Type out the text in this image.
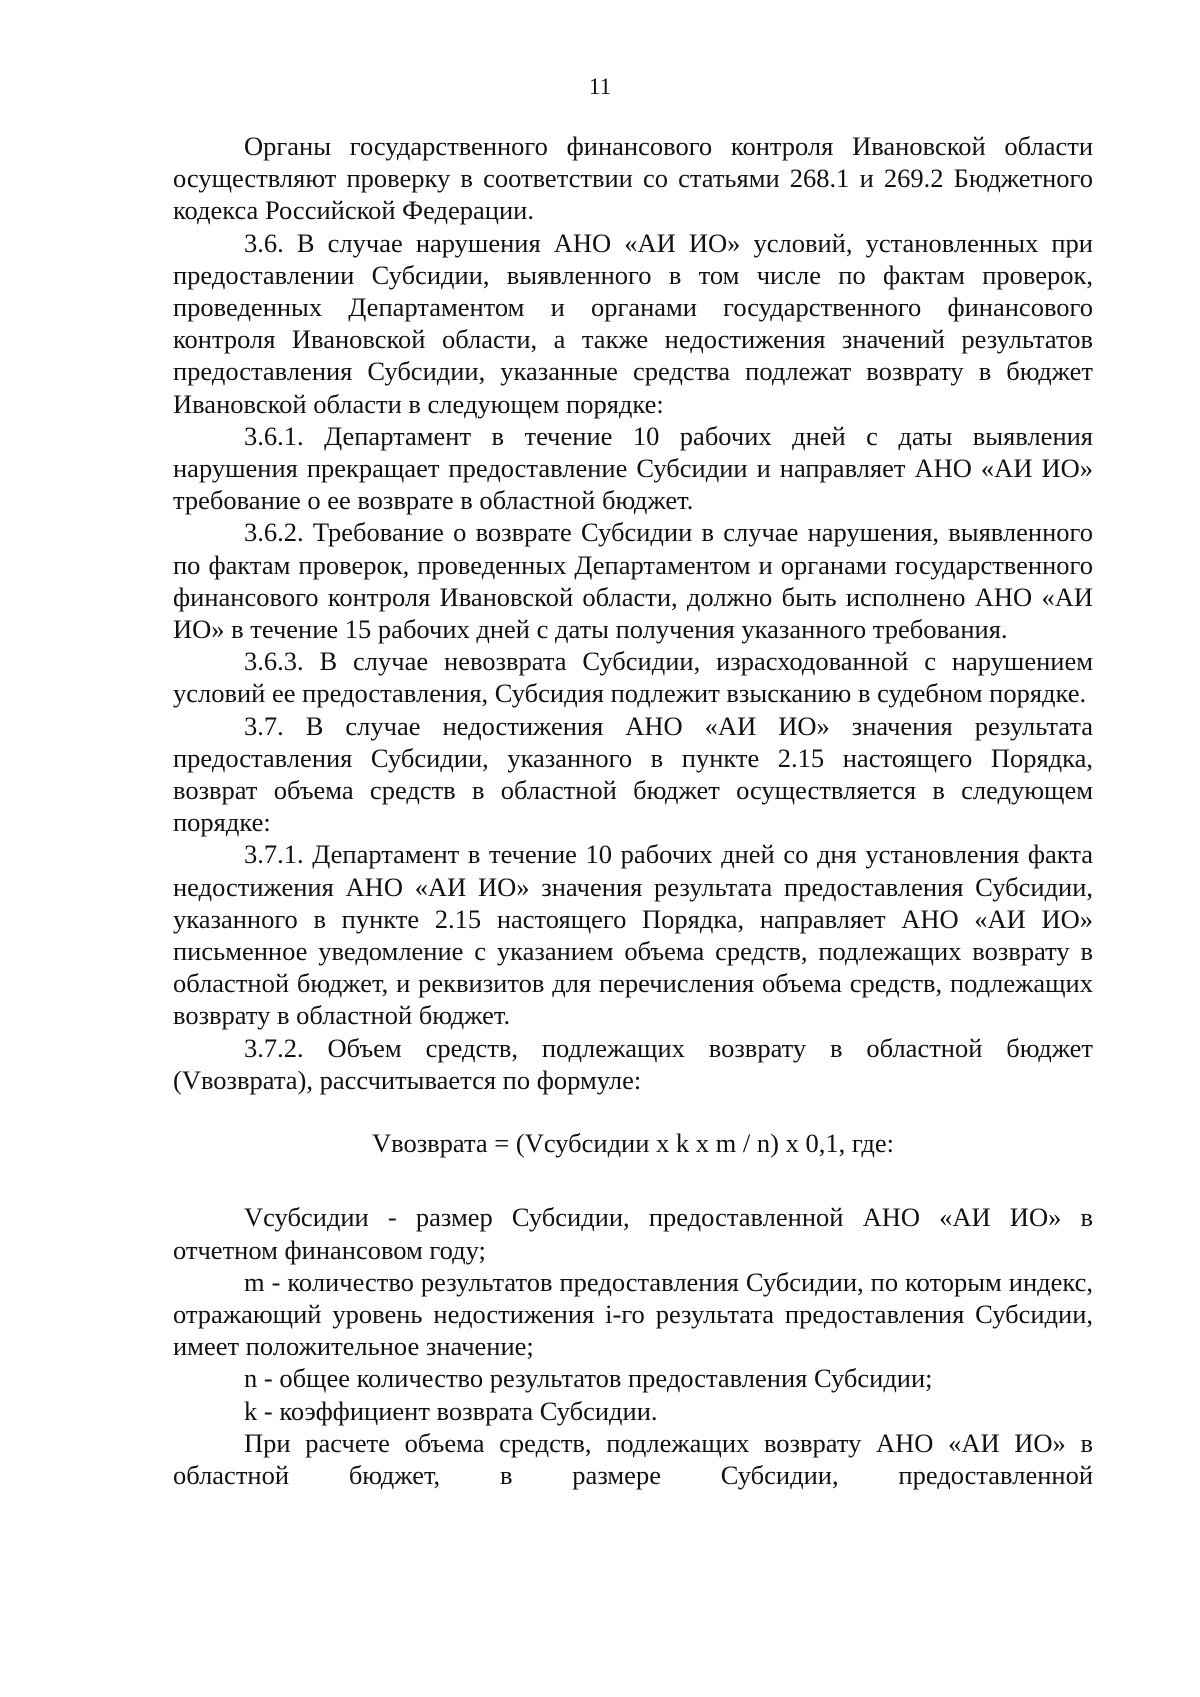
11

Органы государственного финансового контроля Ивановской области осуществляют проверку в соответствии со статьями 268.1 и 269.2 Бюджетного кодекса Российской Федерации.

3.6. В случае нарушения АНО «АИ ИО» условий, установленных при предоставлении Субсидии, выявленного в том числе по фактам проверок, проведенных Департаментом и органами государственного финансового контроля Ивановской области, а также недостижения значений результатов предоставления Субсидии, указанные средства подлежат возврату в бюджет Ивановской области в следующем порядке:

3.6.1. Департамент в течение 10 рабочих дней с даты выявления нарушения прекращает предоставление Субсидии и направляет АНО «АИ ИО» требование о ее возврате в областной бюджет.

3.6.2. Требование о возврате Субсидии в случае нарушения, выявленного по фактам проверок, проведенных Департаментом и органами государственного финансового контроля Ивановской области, должно быть исполнено АНО «АИ ИО» в течение 15 рабочих дней с даты получения указанного требования.

3.6.3. В случае невозврата Субсидии, израсходованной с нарушением условий ее предоставления, Субсидия подлежит взысканию в судебном порядке.

3.7. В случае недостижения АНО «АИ ИО» значения результата предоставления Субсидии, указанного в пункте 2.15 настоящего Порядка, возврат объема средств в областной бюджет осуществляется в следующем порядке:

3.7.1. Департамент в течение 10 рабочих дней со дня установления факта недостижения АНО «АИ ИО» значения результата предоставления Субсидии, указанного в пункте 2.15 настоящего Порядка, направляет АНО «АИ ИО» письменное уведомление с указанием объема средств, подлежащих возврату в областной бюджет, и реквизитов для перечисления объема средств, подлежащих возврату в областной бюджет.

3.7.2. Объем средств, подлежащих возврату в областной бюджет (Vвозврата), рассчитывается по формуле:

Vвозврата = (Vсубсидии x k x m / n) x 0,1, где:

Vсубсидии - размер Субсидии, предоставленной АНО «АИ ИО» в отчетном финансовом году;

m - количество результатов предоставления Субсидии, по которым индекс, отражающий уровень недостижения i-го результата предоставления Субсидии, имеет положительное значение;

n - общее количество результатов предоставления Субсидии;

k - коэффициент возврата Субсидии.

При расчете объема средств, подлежащих возврату АНО «АИ ИО» в областной бюджет, в размере Субсидии, предоставленной
